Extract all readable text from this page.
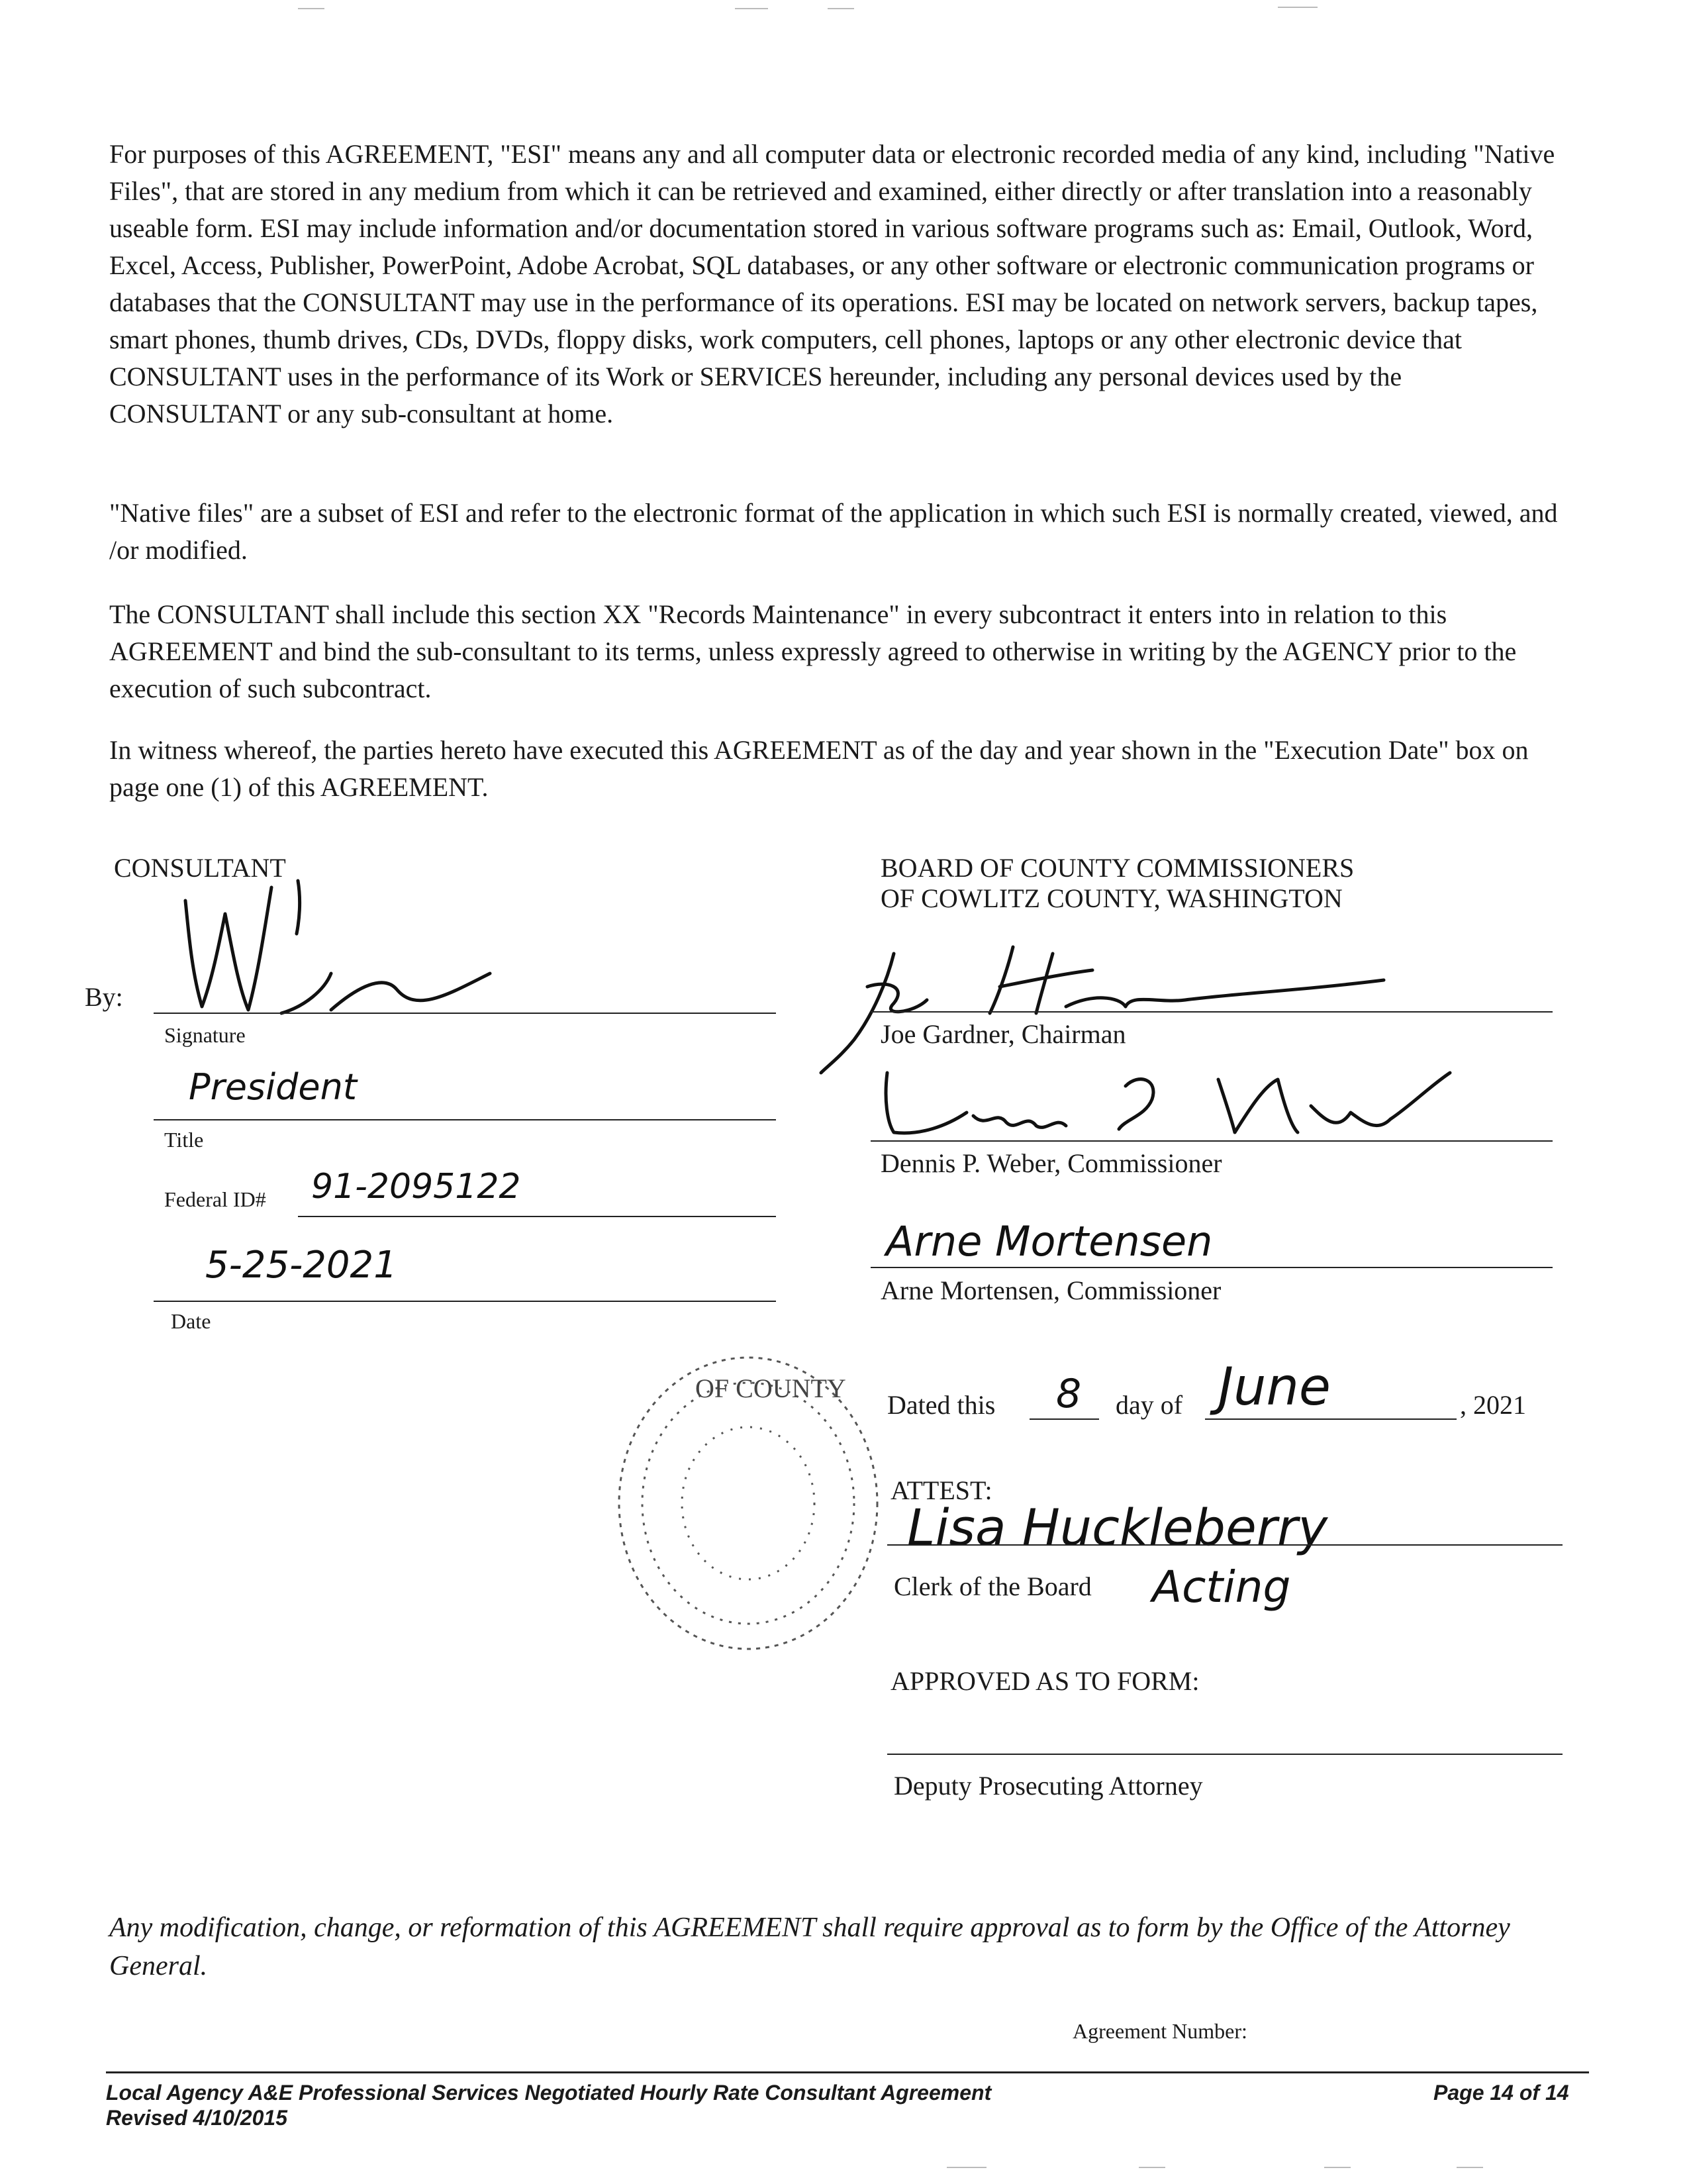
For purposes of this AGREEMENT, "ESI" means any and all computer data or electronic recorded media of any kind, including "Native Files", that are stored in any medium from which it can be retrieved and examined, either directly or after translation into a reasonably useable form. ESI may include information and/or documentation stored in various software programs such as: Email, Outlook, Word, Excel, Access, Publisher, PowerPoint, Adobe Acrobat, SQL databases, or any other software or electronic communication programs or databases that the CONSULTANT may use in the performance of its operations. ESI may be located on network servers, backup tapes, smart phones, thumb drives, CDs, DVDs, floppy disks, work computers, cell phones, laptops or any other electronic device that CONSULTANT uses in the performance of its Work or SERVICES hereunder, including any personal devices used by the CONSULTANT or any sub-consultant at home.

"Native files" are a subset of ESI and refer to the electronic format of the application in which such ESI is normally created, viewed, and /or modified.

The CONSULTANT shall include this section XX "Records Maintenance" in every subcontract it enters into in relation to this AGREEMENT and bind the sub-consultant to its terms, unless expressly agreed to otherwise in writing by the AGENCY prior to the execution of such subcontract.

In witness whereof, the parties hereto have executed this AGREEMENT as of the day and year shown in the "Execution Date" box on page one (1) of this AGREEMENT.

CONSULTANT
By:
Signature
President
Title
Federal ID# 91-2095122
5-25-2021
Date
BOARD OF COUNTY COMMISSIONERS
OF COWLITZ COUNTY, WASHINGTON
Joe Gardner, Chairman
Dennis P. Weber, Commissioner
Arne Mortensen
Arne Mortensen, Commissioner
OF COUNTY
Dated this 8 day of June	, 2021
ATTEST:
Lisa Huckleberry
Clerk of the Board Acting
APPROVED AS TO FORM:
Deputy Prosecuting Attorney

Any modification, change, or reformation of this AGREEMENT shall require approval as to form by the Office of the Attorney General.

Agreement Number:
Local Agency A&E Professional Services Negotiated Hourly Rate Consultant Agreement
Revised 4/10/2015
Page 14 of 14
